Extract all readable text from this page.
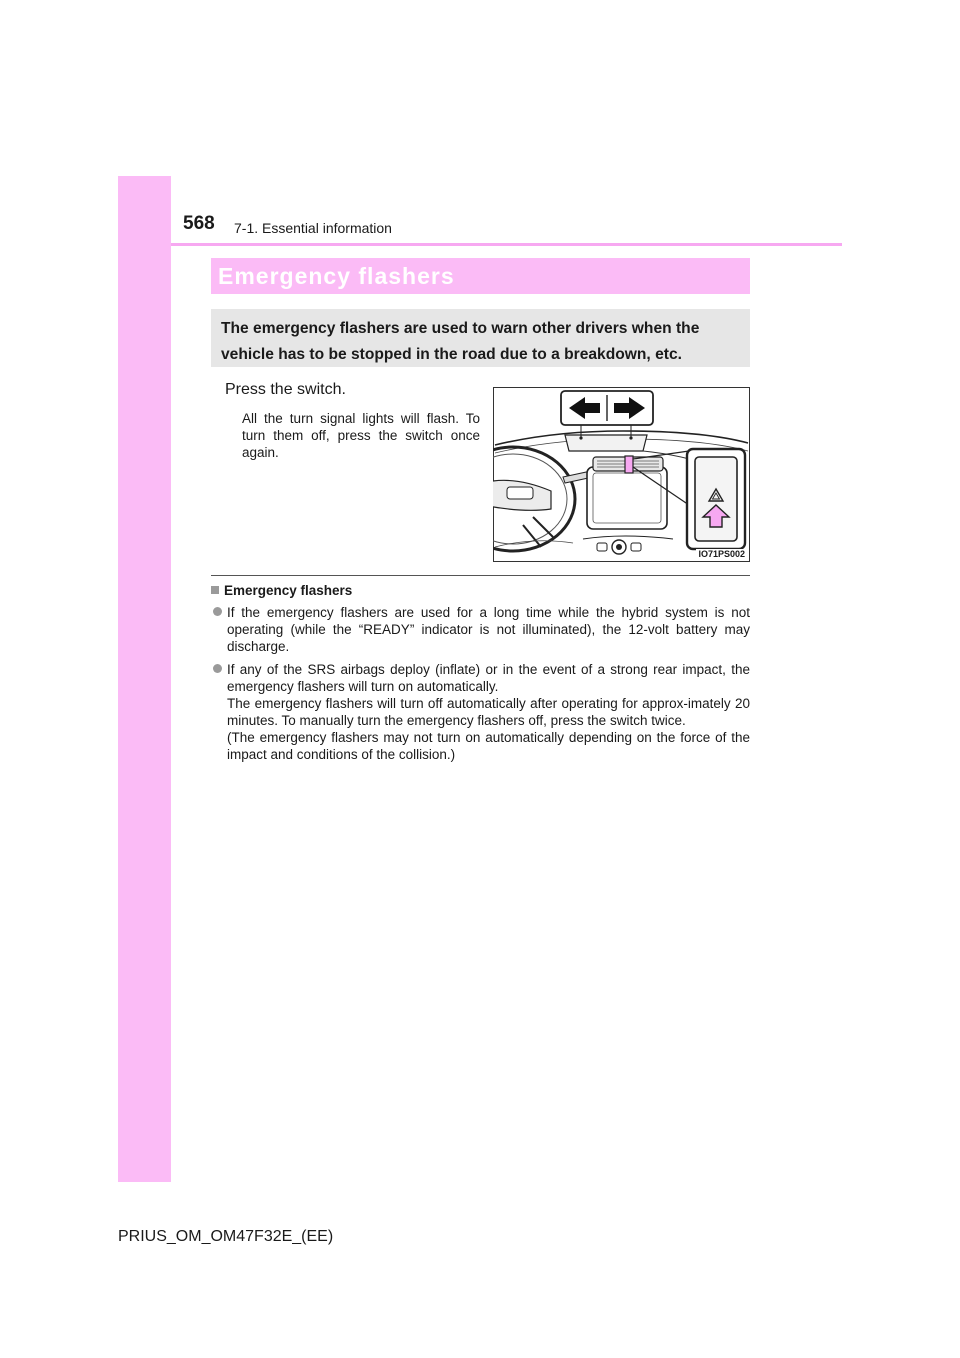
568 7-1. Essential information
Emergency flashers
The emergency flashers are used to warn other drivers when the vehicle has to be stopped in the road due to a breakdown, etc.
Press the switch.
All the turn signal lights will flash. To turn them off, press the switch once again.
IO71PS002
Emergency flashers

If the emergency flashers are used for a long time while the hybrid system is not operating (while the “READY” indicator is not illuminated), the 12-volt battery may discharge.

If any of the SRS airbags deploy (inflate) or in the event of a strong rear impact, the emergency flashers will turn on automatically.

The emergency flashers will turn off automatically after operating for approx-imately 20 minutes. To manually turn the emergency flashers off, press the switch twice.

(The emergency flashers may not turn on automatically depending on the force of the impact and conditions of the collision.)

PRIUS_OM_OM47F32E_(EE)
